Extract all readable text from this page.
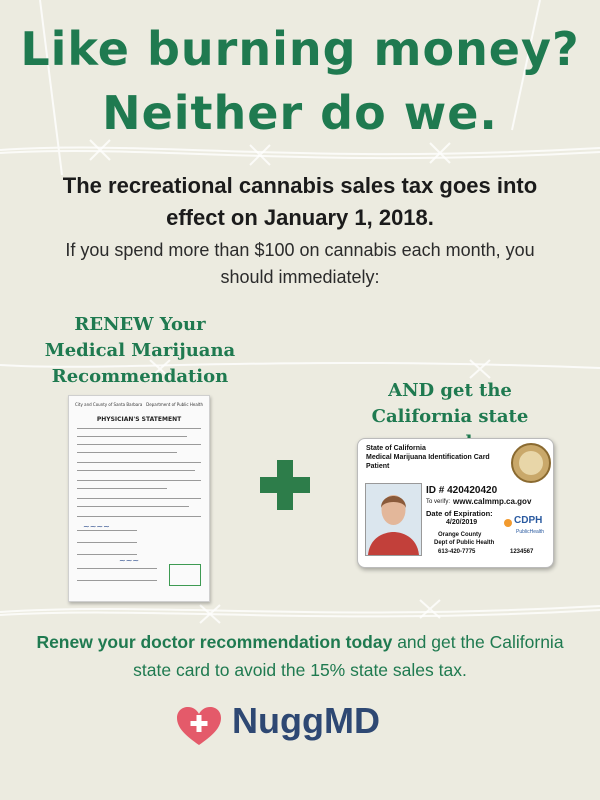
Like burning money?
Neither do we.
The recreational cannabis sales tax goes into effect on January 1, 2018.
If you spend more than $100 on cannabis each month, you should immediately:
RENEW Your Medical Marijuana Recommendation
City and County of Santa Barbara Department of Public Health
PHYSICIAN'S STATEMENT
~~~~
~~~
AND get the California state
State of California
Medical Marijuana Identification Card
Patient
ID # 420420420
To verify: www.calmmp.ca.gov
Date of Expiration:
4/20/2019
Orange County
Dept of Public Health
613-420-7775	1234567
CDPH
PublicHealth
Renew your doctor recommendation today and get the California state card to avoid the 15% state sales tax.
NuggMD
